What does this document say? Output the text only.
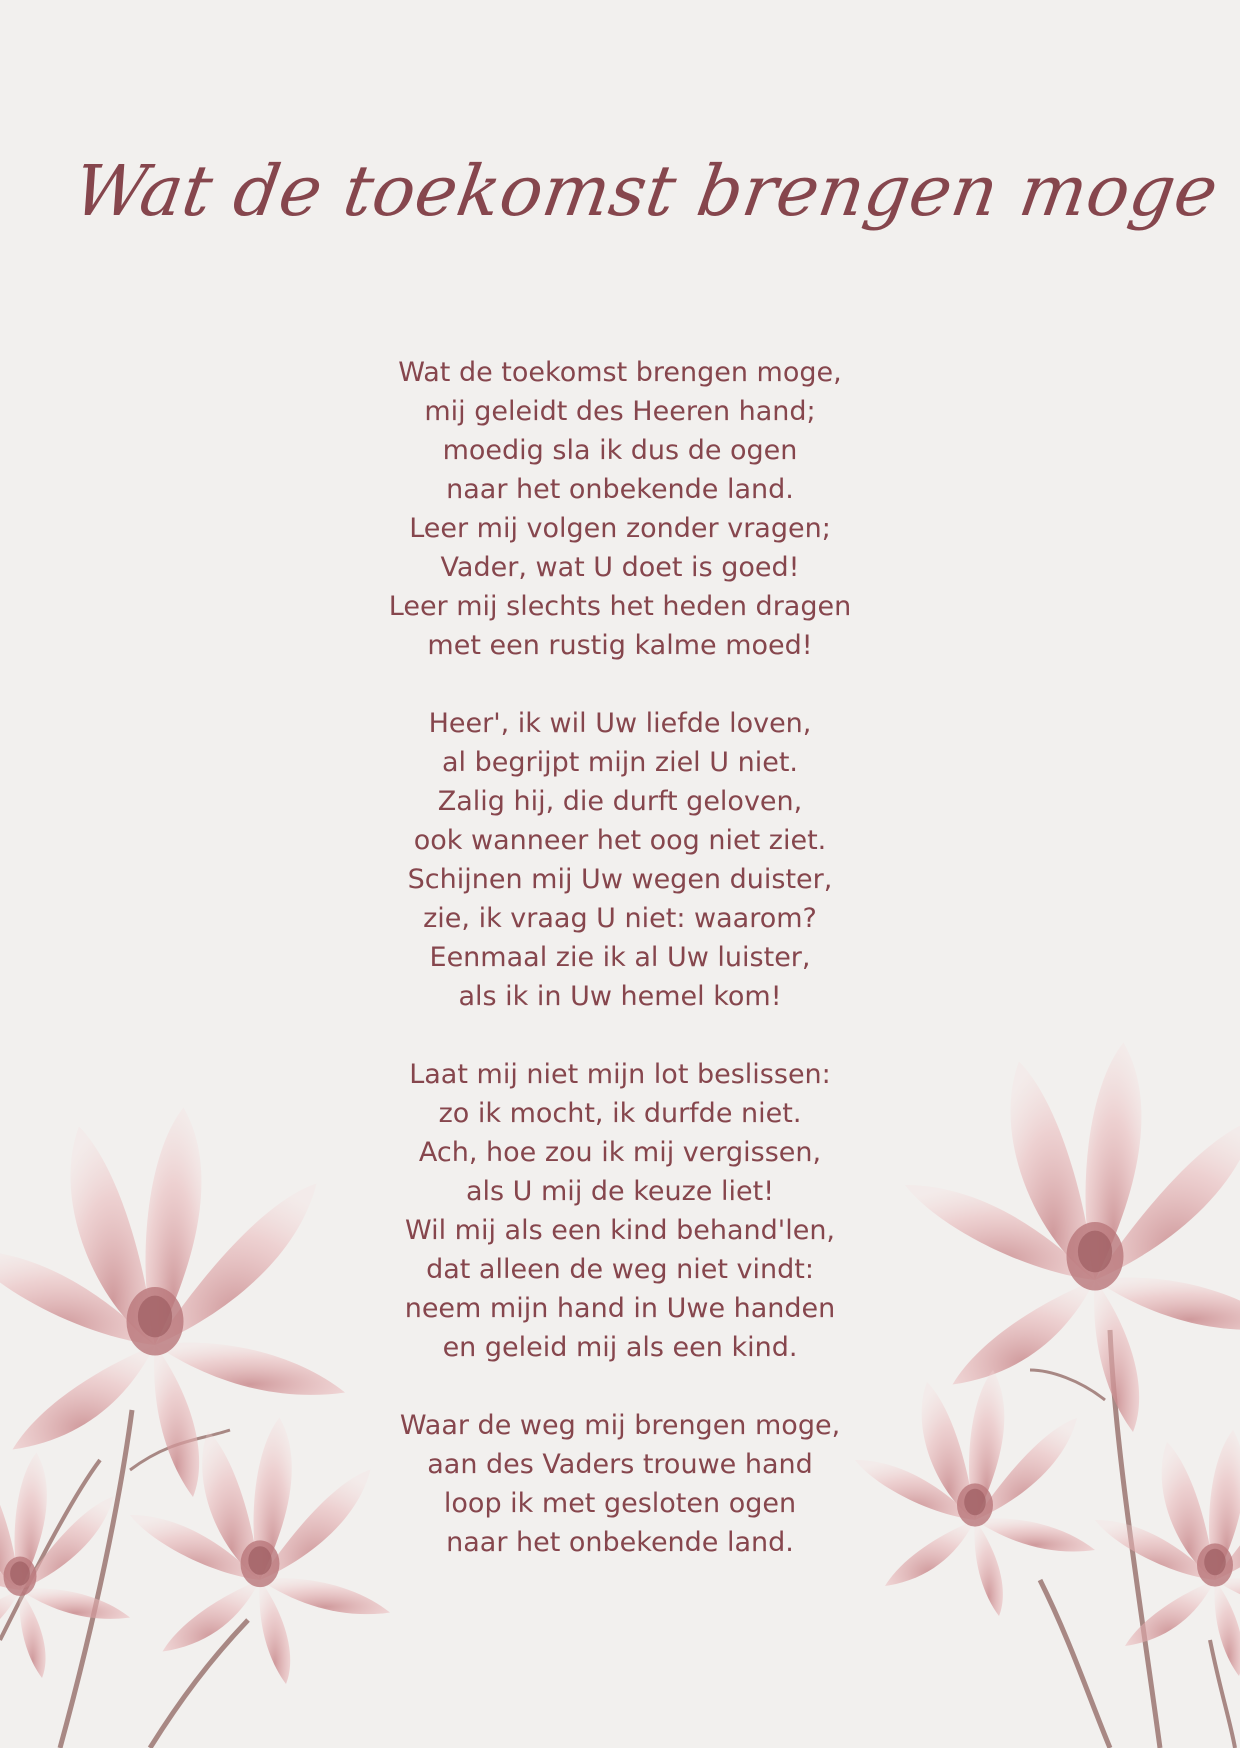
Wat de toekomst brengen moge
Wat de toekomst brengen moge,
mij geleidt des Heeren hand;
moedig sla ik dus de ogen
naar het onbekende land.
Leer mij volgen zonder vragen;
Vader, wat U doet is goed!
Leer mij slechts het heden dragen
met een rustig kalme moed!
Heer', ik wil Uw liefde loven,
al begrijpt mijn ziel U niet.
Zalig hij, die durft geloven,
ook wanneer het oog niet ziet.
Schijnen mij Uw wegen duister,
zie, ik vraag U niet: waarom?
Eenmaal zie ik al Uw luister,
als ik in Uw hemel kom!
Laat mij niet mijn lot beslissen:
zo ik mocht, ik durfde niet.
Ach, hoe zou ik mij vergissen,
als U mij de keuze liet!
Wil mij als een kind behand'len,
dat alleen de weg niet vindt:
neem mijn hand in Uwe handen
en geleid mij als een kind.
Waar de weg mij brengen moge,
aan des Vaders trouwe hand
loop ik met gesloten ogen
naar het onbekende land.
